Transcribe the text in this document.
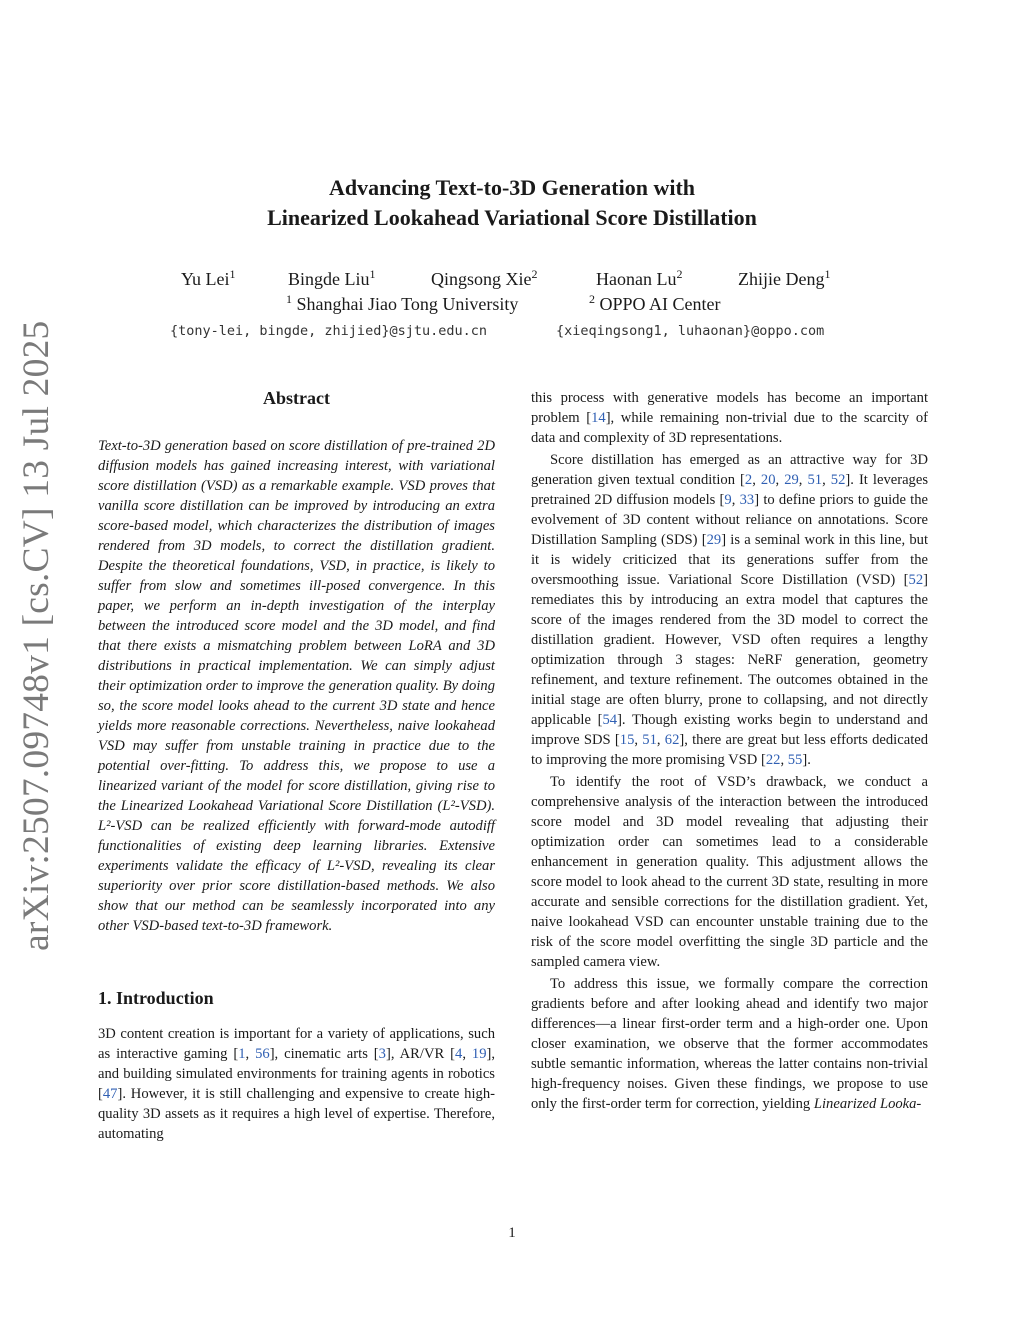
arXiv:2507.09748v1 [cs.CV] 13 Jul 2025
Advancing Text-to-3D Generation with
Linearized Lookahead Variational Score Distillation
Yu Lei$^1$	Bingde Liu$^1$	Qingsong Xie$^2$	Haonan Lu$^2$	Zhijie Deng$^1$
$^1$ Shanghai Jiao Tong University	$^2$ OPPO AI Center
{tony-lei, bingde, zhijied}@sjtu.edu.cn	{xieqingsong1, luhaonan}@oppo.com
Abstract

Text-to-3D generation based on score distillation of pre-trained 2D diffusion models has gained increasing interest, with variational score distillation (VSD) as a remarkable example. VSD proves that vanilla score distillation can be improved by introducing an extra score-based model, which characterizes the distribution of images rendered from 3D models, to correct the distillation gradient. Despite the theoretical foundations, VSD, in practice, is likely to suffer from slow and sometimes ill-posed convergence. In this paper, we perform an in-depth investigation of the interplay between the introduced score model and the 3D model, and find that there exists a mismatching problem between LoRA and 3D distributions in practical implementation. We can simply adjust their optimization order to improve the generation quality. By doing so, the score model looks ahead to the current 3D state and hence yields more reasonable corrections. Nevertheless, naive lookahead VSD may suffer from unstable training in practice due to the potential over-fitting. To address this, we propose to use a linearized variant of the model for score distillation, giving rise to the Linearized Lookahead Variational Score Distillation (L²-VSD). L²-VSD can be realized efficiently with forward-mode autodiff functionalities of existing deep learning libraries. Extensive experiments validate the efficacy of L²-VSD, revealing its clear superiority over prior score distillation-based methods. We also show that our method can be seamlessly incorporated into any other VSD-based text-to-3D framework.

1. Introduction

3D content creation is important for a variety of applications, such as interactive gaming [1, 56], cinematic arts [3], AR/VR [4, 19], and building simulated environments for training agents in robotics [47]. However, it is still challenging and expensive to create high-quality 3D assets as it requires a high level of expertise. Therefore, automating

this process with generative models has become an important problem [14], while remaining non-trivial due to the scarcity of data and complexity of 3D representations.

Score distillation has emerged as an attractive way for 3D generation given textual condition [2, 20, 29, 51, 52]. It leverages pretrained 2D diffusion models [9, 33] to define priors to guide the evolvement of 3D content without reliance on annotations. Score Distillation Sampling (SDS) [29] is a seminal work in this line, but it is widely criticized that its generations suffer from the oversmoothing issue. Variational Score Distillation (VSD) [52] remediates this by introducing an extra model that captures the score of the images rendered from the 3D model to correct the distillation gradient. However, VSD often requires a lengthy optimization through 3 stages: NeRF generation, geometry refinement, and texture refinement. The outcomes obtained in the initial stage are often blurry, prone to collapsing, and not directly applicable [54]. Though existing works begin to understand and improve SDS [15, 51, 62], there are great but less efforts dedicated to improving the more promising VSD [22, 55].

To identify the root of VSD’s drawback, we conduct a comprehensive analysis of the interaction between the introduced score model and 3D model revealing that adjusting their optimization order can sometimes lead to a considerable enhancement in generation quality. This adjustment allows the score model to look ahead to the current 3D state, resulting in more accurate and sensible corrections for the distillation gradient. Yet, naive lookahead VSD can encounter unstable training due to the risk of the score model overfitting the single 3D particle and the sampled camera view.

To address this issue, we formally compare the correction gradients before and after looking ahead and identify two major differences—a linear first-order term and a high-order one. Upon closer examination, we observe that the former accommodates subtle semantic information, whereas the latter contains non-trivial high-frequency noises. Given these findings, we propose to use only the first-order term for correction, yielding Linearized Looka-

1
